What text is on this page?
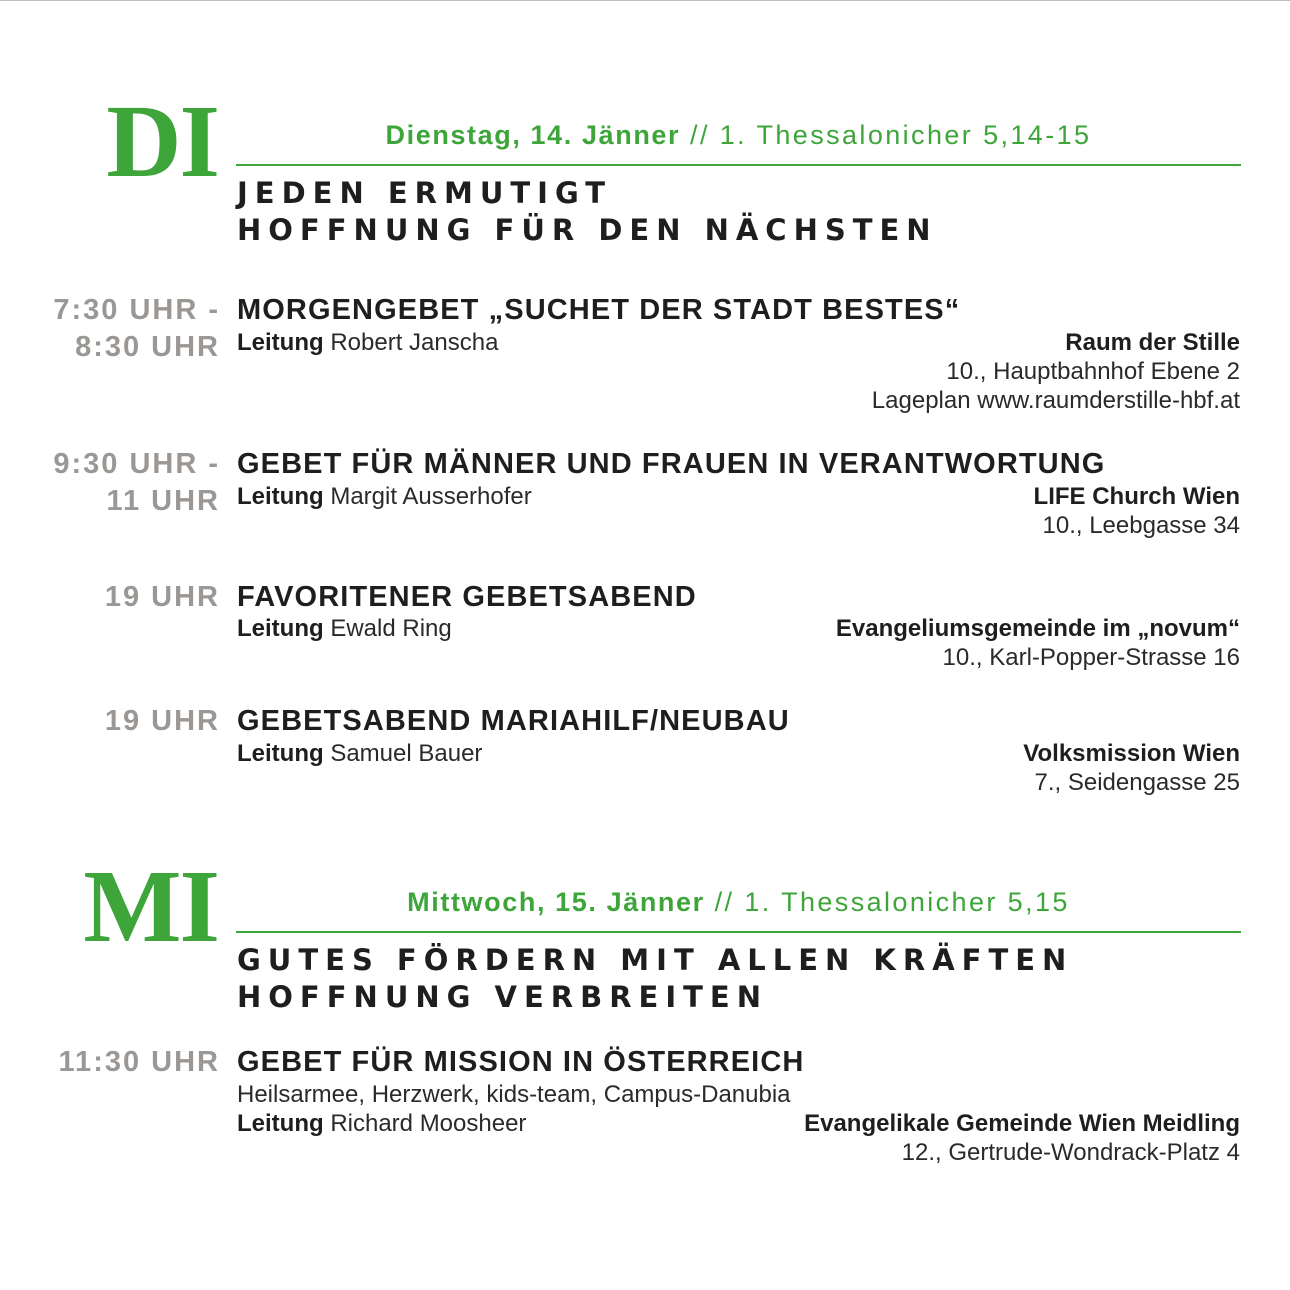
DI	Dienstag, 14. Jänner // 1. Thessalonicher 5,14-15
JEDEN ERMUTIGT
HOFFNUNG FÜR DEN NÄCHSTEN
7:30 UHR -
8:30 UHR
MORGENGEBET „SUCHET DER STADT BESTES“
Leitung Robert Janscha	Raum der Stille
10., Hauptbahnhof Ebene 2
Lageplan www.raumderstille-hbf.at
9:30 UHR -
11 UHR
GEBET FÜR MÄNNER UND FRAUEN IN VERANTWORTUNG
Leitung Margit Ausserhofer	LIFE Church Wien
10., Leebgasse 34
19 UHR FAVORITENER GEBETSABEND
Leitung Ewald Ring	Evangeliumsgemeinde im „novum“
10., Karl-Popper-Strasse 16
19 UHR GEBETSABEND MARIAHILF/NEUBAU
Leitung Samuel Bauer	Volksmission Wien
7., Seidengasse 25
MI	Mittwoch, 15. Jänner // 1. Thessalonicher 5,15
GUTES FÖRDERN MIT ALLEN KRÄFTEN
HOFFNUNG VERBREITEN
11:30 UHR GEBET FÜR MISSION IN ÖSTERREICH
Heilsarmee, Herzwerk, kids-team, Campus-Danubia
Leitung Richard Moosheer	Evangelikale Gemeinde Wien Meidling
12., Gertrude-Wondrack-Platz 4
